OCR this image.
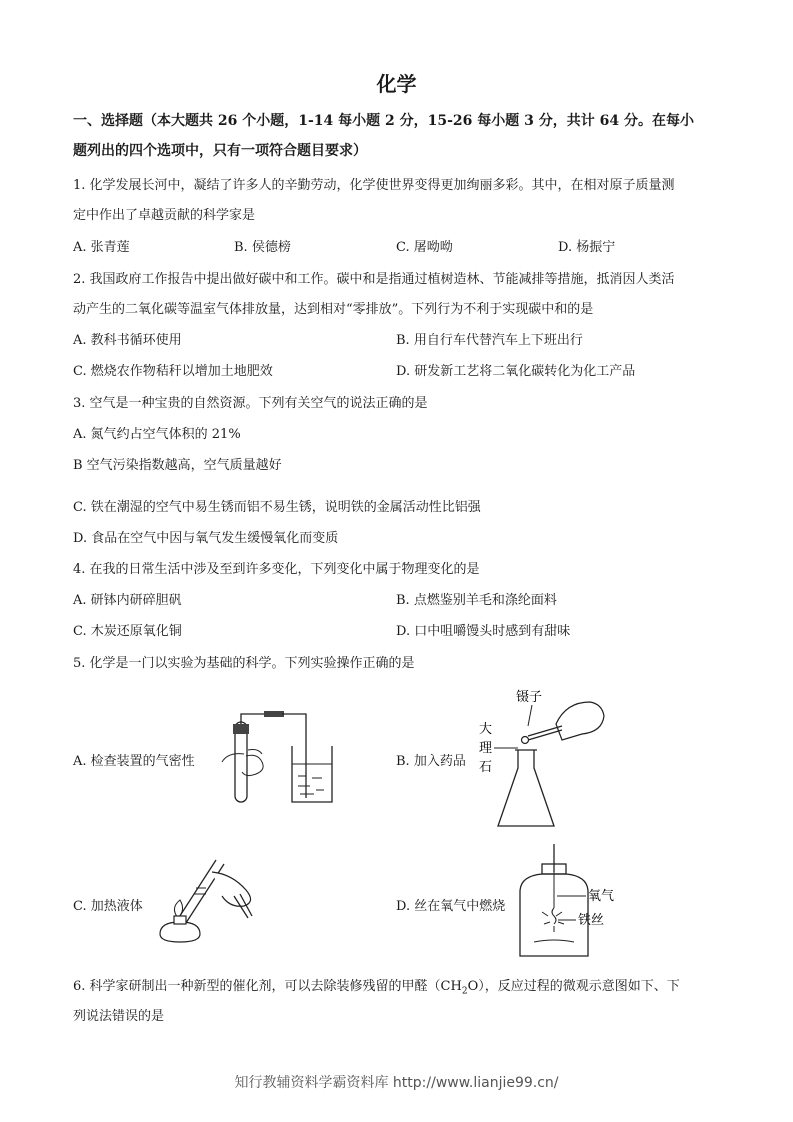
化学
一、选择题（本大题共 26 个小题，1-14 每小题 2 分，15-26 每小题 3 分，共计 64 分。在每小
题列出的四个选项中，只有一项符合题目要求）
1. 化学发展长河中，凝结了许多人的辛勤劳动，化学使世界变得更加绚丽多彩。其中，在相对原子质量测
定中作出了卓越贡献的科学家是
A. 张青莲	B. 侯德榜	C. 屠呦呦	D. 杨振宁
2. 我国政府工作报告中提出做好碳中和工作。碳中和是指通过植树造林、节能减排等措施，抵消因人类活
动产生的二氧化碳等温室气体排放量，达到相对“零排放”。下列行为不利于实现碳中和的是
A. 教科书循环使用	B. 用自行车代替汽车上下班出行
C. 燃烧农作物秸秆以增加土地肥效	D. 研发新工艺将二氧化碳转化为化工产品
3. 空气是一种宝贵的自然资源。下列有关空气的说法正确的是
A. 氮气约占空气体积的 21%
B 空气污染指数越高，空气质量越好
C. 铁在潮湿的空气中易生锈而铝不易生锈，说明铁的金属活动性比铝强
D. 食品在空气中因与氧气发生缓慢氧化而变质
4. 在我的日常生活中涉及至到许多变化，下列变化中属于物理变化的是
A. 研钵内研碎胆矾	B. 点燃鉴别羊毛和涤纶面料
C. 木炭还原氧化铜	D. 口中咀嚼馒头时感到有甜味
5. 化学是一门以实验为基础的科学。下列实验操作正确的是
A. 检查装置的气密性	B. 加入药品
C. 加热液体	D. 丝在氧气中燃烧
镊子
大
理
石
氧气
铁丝
6. 科学家研制出一种新型的催化剂，可以去除装修残留的甲醛$(CH_2O)$，反应过程的微观示意图如下、下
列说法错误的是
知行教辅资料学霸资料库 http://www.lianjie99.cn/
